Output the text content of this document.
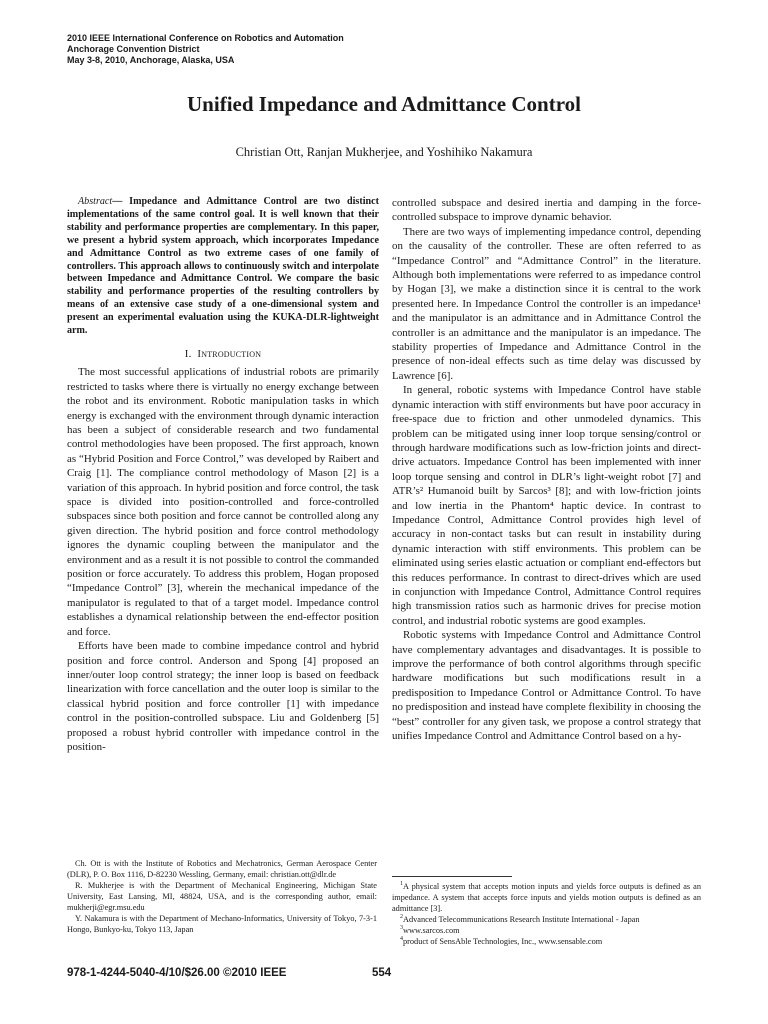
2010 IEEE International Conference on Robotics and Automation
Anchorage Convention District
May 3-8, 2010, Anchorage, Alaska, USA
Unified Impedance and Admittance Control
Christian Ott, Ranjan Mukherjee, and Yoshihiko Nakamura

Abstract— Impedance and Admittance Control are two distinct implementations of the same control goal. It is well known that their stability and performance properties are complementary. In this paper, we present a hybrid system approach, which incorporates Impedance and Admittance Control as two extreme cases of one family of controllers. This approach allows to continuously switch and interpolate between Impedance and Admittance Control. We compare the basic stability and performance properties of the resulting controllers by means of an extensive case study of a one-dimensional system and present an experimental evaluation using the KUKA-DLR-lightweight arm.

I. Introduction

The most successful applications of industrial robots are primarily restricted to tasks where there is virtually no energy exchange between the robot and its environment. Robotic manipulation tasks in which energy is exchanged with the environment through dynamic interaction has been a subject of considerable research and two fundamental control methodologies have been proposed. The first approach, known as “Hybrid Position and Force Control,” was developed by Raibert and Craig [1]. The compliance control methodology of Mason [2] is a variation of this approach. In hybrid position and force control, the task space is divided into position-controlled and force-controlled subspaces since both position and force cannot be controlled along any given direction. The hybrid position and force control methodology ignores the dynamic coupling between the manipulator and the environment and as a result it is not possible to control the commanded position or force accurately. To address this problem, Hogan proposed “Impedance Control” [3], wherein the mechanical impedance of the manipulator is regulated to that of a target model. Impedance control establishes a dynamical relationship between the end-effector position and force.

Efforts have been made to combine impedance control and hybrid position and force control. Anderson and Spong [4] proposed an inner/outer loop control strategy; the inner loop is based on feedback linearization with force cancellation and the outer loop is similar to the classical hybrid position and force controller [1] with impedance control in the position-controlled subspace. Liu and Goldenberg [5] proposed a robust hybrid controller with impedance control in the position-

controlled subspace and desired inertia and damping in the force-controlled subspace to improve dynamic behavior.

There are two ways of implementing impedance control, depending on the causality of the controller. These are often referred to as “Impedance Control” and “Admittance Control” in the literature. Although both implementations were referred to as impedance control by Hogan [3], we make a distinction since it is central to the work presented here. In Impedance Control the controller is an impedance¹ and the manipulator is an admittance and in Admittance Control the controller is an admittance and the manipulator is an impedance. The stability properties of Impedance and Admittance Control in the presence of non-ideal effects such as time delay was discussed by Lawrence [6].

In general, robotic systems with Impedance Control have stable dynamic interaction with stiff environments but have poor accuracy in free-space due to friction and other unmodeled dynamics. This problem can be mitigated using inner loop torque sensing/control or through hardware modifications such as low-friction joints and direct-drive actuators. Impedance Control has been implemented with inner loop torque sensing and control in DLR’s light-weight robot [7] and ATR’s² Humanoid built by Sarcos³ [8]; and with low-friction joints and low inertia in the Phantom⁴ haptic device. In contrast to Impedance Control, Admittance Control provides high level of accuracy in non-contact tasks but can result in instability during dynamic interaction with stiff environments. This problem can be eliminated using series elastic actuation or compliant end-effectors but this reduces performance. In contrast to direct-drives which are used in conjunction with Impedance Control, Admittance Control requires high transmission ratios such as harmonic drives for precise motion control, and industrial robotic systems are good examples.

Robotic systems with Impedance Control and Admittance Control have complementary advantages and disadvantages. It is possible to improve the performance of both control algorithms through specific hardware modifications but such modifications result in a predisposition to Impedance Control or Admittance Control. To have no predisposition and instead have complete flexibility in choosing the “best” controller for any given task, we propose a control strategy that unifies Impedance Control and Admittance Control based on a hy-

Ch. Ott is with the Institute of Robotics and Mechatronics, German Aerospace Center (DLR), P. O. Box 1116, D-82230 Wessling, Germany, email: christian.ott@dlr.de

R. Mukherjee is with the Department of Mechanical Engineering, Michigan State University, East Lansing, MI, 48824, USA, and is the corresponding author, email: mukherji@egr.msu.edu

Y. Nakamura is with the Department of Mechano-Informatics, University of Tokyo, 7-3-1 Hongo, Bunkyo-ku, Tokyo 113, Japan

$^1$A physical system that accepts motion inputs and yields force outputs is defined as an impedance. A system that accepts force inputs and yields motion outputs is defined as an admittance [3].

$^2$Advanced Telecommunications Research Institute International - Japan

$^3$www.sarcos.com

$^4$product of SensAble Technologies, Inc., www.sensable.com

978-1-4244-5040-4/10/$26.00 ©2010 IEEE	554
